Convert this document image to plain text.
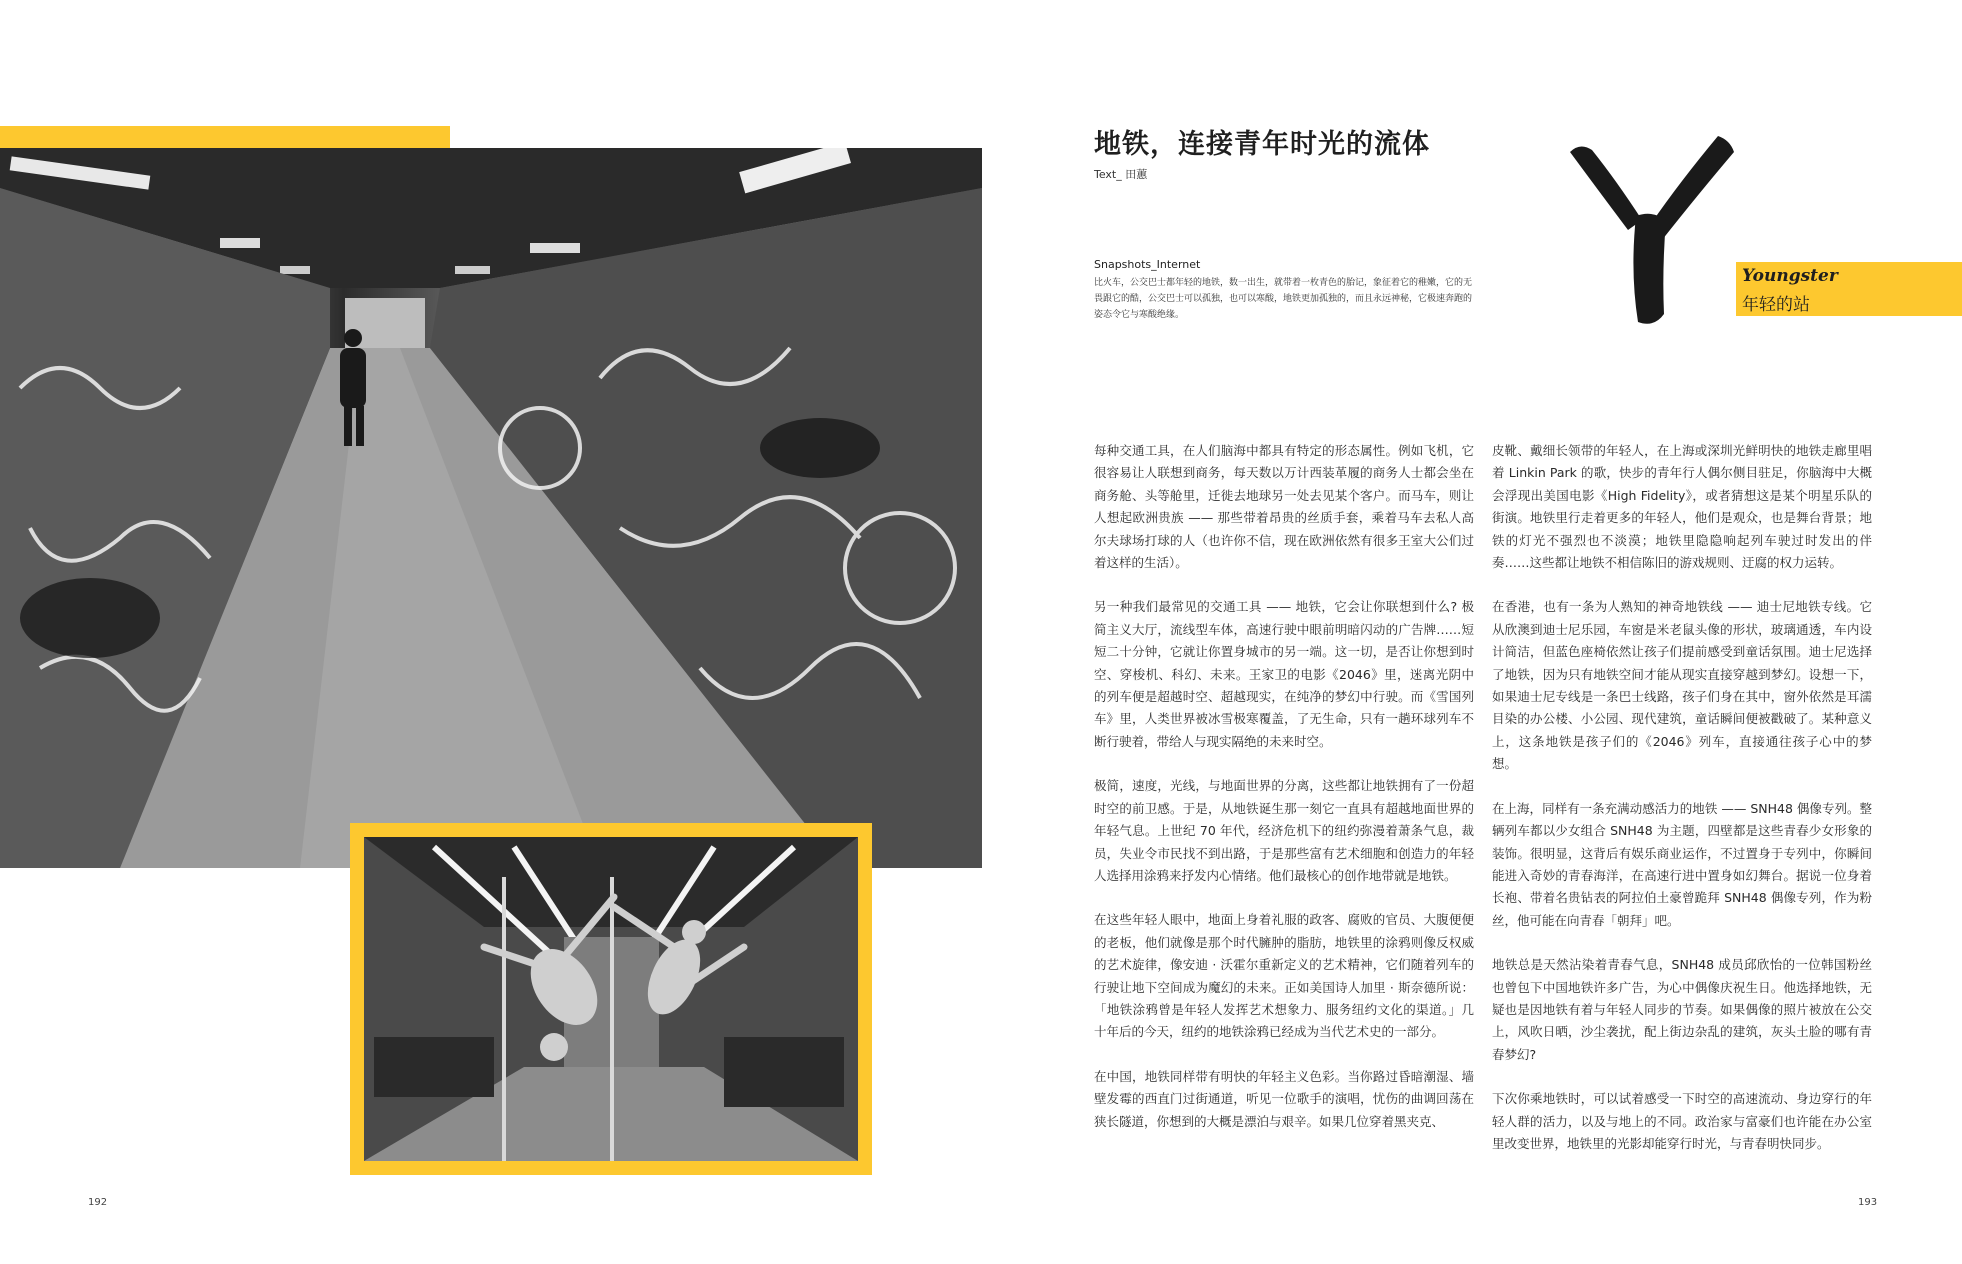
192
地铁，连接青年时光的流体
Text_ 田蕙
Snapshots_Internet
比火车，公交巴士都年轻的地铁，数一出生，就带着一枚青色的胎记，象征着它的稚嫩，它的无畏跟它的酷，公交巴士可以孤独，也可以寒酸，地铁更加孤独的，而且永远神秘，它极速奔跑的姿态令它与寒酸绝缘。
Youngster
年轻的站

每种交通工具，在人们脑海中都具有特定的形态属性。例如飞机，它很容易让人联想到商务，每天数以万计西装革履的商务人士都会坐在商务舱、头等舱里，迁徙去地球另一处去见某个客户。而马车，则让人想起欧洲贵族 —— 那些带着昂贵的丝质手套，乘着马车去私人高尔夫球场打球的人（也许你不信，现在欧洲依然有很多王室大公们过着这样的生活）。

另一种我们最常见的交通工具 —— 地铁，它会让你联想到什么? 极简主义大厅，流线型车体，高速行驶中眼前明暗闪动的广告牌……短短二十分钟，它就让你置身城市的另一端。这一切，是否让你想到时空、穿梭机、科幻、未来。王家卫的电影《2046》里，迷离光阴中的列车便是超越时空、超越现实，在纯净的梦幻中行驶。而《雪国列车》里，人类世界被冰雪极寒覆盖，了无生命，只有一趟环球列车不断行驶着，带给人与现实隔绝的未来时空。

极简，速度，光线，与地面世界的分离，这些都让地铁拥有了一份超时空的前卫感。于是，从地铁诞生那一刻它一直具有超越地面世界的年轻气息。上世纪 70 年代，经济危机下的纽约弥漫着萧条气息，裁员，失业令市民找不到出路，于是那些富有艺术细胞和创造力的年轻人选择用涂鸦来抒发内心情绪。他们最核心的创作地带就是地铁。

在这些年轻人眼中，地面上身着礼服的政客、腐败的官员、大腹便便的老板，他们就像是那个时代臃肿的脂肪，地铁里的涂鸦则像反权威的艺术旋律，像安迪 · 沃霍尔重新定义的艺术精神，它们随着列车的行驶让地下空间成为魔幻的未来。正如美国诗人加里 · 斯奈德所说：「地铁涂鸦曾是年轻人发挥艺术想象力、服务纽约文化的渠道。」几十年后的今天，纽约的地铁涂鸦已经成为当代艺术史的一部分。

在中国，地铁同样带有明快的年轻主义色彩。当你路过昏暗潮湿、墙壁发霉的西直门过街通道，听见一位歌手的演唱，忧伤的曲调回荡在狭长隧道，你想到的大概是漂泊与艰辛。如果几位穿着黑夹克、

皮靴、戴细长领带的年轻人，在上海或深圳光鲜明快的地铁走廊里唱着 Linkin Park 的歌，快步的青年行人偶尔侧目驻足，你脑海中大概会浮现出美国电影《High Fidelity》，或者猜想这是某个明星乐队的街演。地铁里行走着更多的年轻人，他们是观众，也是舞台背景；地铁的灯光不强烈也不淡漠；地铁里隐隐响起列车驶过时发出的伴奏……这些都让地铁不相信陈旧的游戏规则、迂腐的权力运转。

在香港，也有一条为人熟知的神奇地铁线 —— 迪士尼地铁专线。它从欣澳到迪士尼乐园，车窗是米老鼠头像的形状，玻璃通透，车内设计简洁，但蓝色座椅依然让孩子们提前感受到童话氛围。迪士尼选择了地铁，因为只有地铁空间才能从现实直接穿越到梦幻。设想一下，如果迪士尼专线是一条巴士线路，孩子们身在其中，窗外依然是耳濡目染的办公楼、小公园、现代建筑，童话瞬间便被戳破了。某种意义上，这条地铁是孩子们的《2046》列车，直接通往孩子心中的梦想。

在上海，同样有一条充满动感活力的地铁 —— SNH48 偶像专列。整辆列车都以少女组合 SNH48 为主题，四壁都是这些青春少女形象的装饰。很明显，这背后有娱乐商业运作，不过置身于专列中，你瞬间能进入奇妙的青春海洋，在高速行进中置身如幻舞台。据说一位身着长袍、带着名贵钻表的阿拉伯土豪曾跪拜 SNH48 偶像专列，作为粉丝，他可能在向青春「朝拜」吧。

地铁总是天然沾染着青春气息，SNH48 成员邱欣怡的一位韩国粉丝也曾包下中国地铁许多广告，为心中偶像庆祝生日。他选择地铁，无疑也是因地铁有着与年轻人同步的节奏。如果偶像的照片被放在公交上，风吹日晒，沙尘袭扰，配上街边杂乱的建筑，灰头土脸的哪有青春梦幻?

下次你乘地铁时，可以试着感受一下时空的高速流动、身边穿行的年轻人群的活力，以及与地上的不同。政治家与富豪们也许能在办公室里改变世界，地铁里的光影却能穿行时光，与青春明快同步。

193
